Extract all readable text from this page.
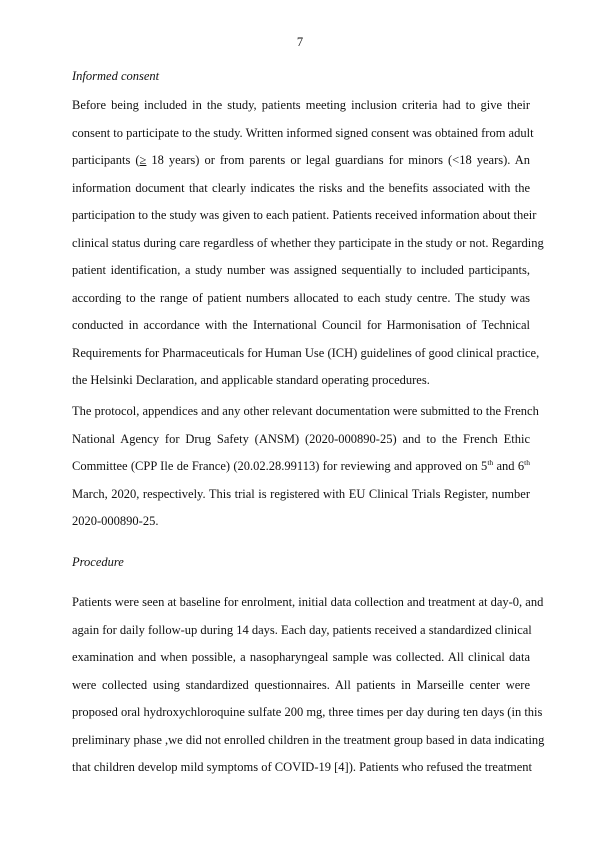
7
Informed consent
Before being included in the study, patients meeting inclusion criteria had to give their
consent to participate to the study. Written informed signed consent was obtained from adult
participants (≥ 18 years) or from parents or legal guardians for minors (<18 years). An
information document that clearly indicates the risks and the benefits associated with the
participation to the study was given to each patient. Patients received information about their
clinical status during care regardless of whether they participate in the study or not. Regarding
patient identification, a study number was assigned sequentially to included participants,
according to the range of patient numbers allocated to each study centre. The study was
conducted in accordance with the International Council for Harmonisation of Technical
Requirements for Pharmaceuticals for Human Use (ICH) guidelines of good clinical practice,
the Helsinki Declaration, and applicable standard operating procedures.
The protocol, appendices and any other relevant documentation were submitted to the French
National Agency for Drug Safety (ANSM) (2020-000890-25) and to the French Ethic
Committee (CPP Ile de France) (20.02.28.99113) for reviewing and approved on 5th and 6th
March, 2020, respectively. This trial is registered with EU Clinical Trials Register, number
2020-000890-25.
Procedure
Patients were seen at baseline for enrolment, initial data collection and treatment at day-0, and
again for daily follow-up during 14 days. Each day, patients received a standardized clinical
examination and when possible, a nasopharyngeal sample was collected. All clinical data
were collected using standardized questionnaires. All patients in Marseille center were
proposed oral hydroxychloroquine sulfate 200 mg, three times per day during ten days (in this
preliminary phase ,we did not enrolled children in the treatment group based in data indicating
that children develop mild symptoms of COVID-19 [4]). Patients who refused the treatment
